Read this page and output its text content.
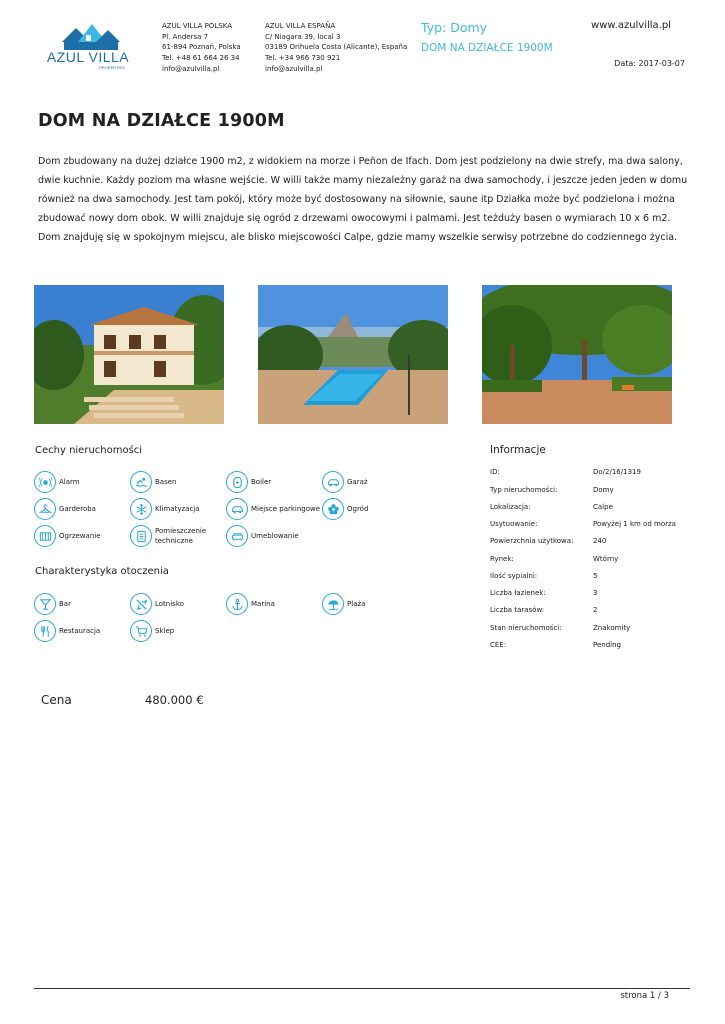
AZUL VILLA
PROPERTIES
AZUL VILLA POLSKA
Pl. Andersa 7
61-894 Poznań, Polska
Tel. +48 61 664 26 34
info@azulvilla.pl
AZUL VILLA ESPAÑA
C/ Niagara 39, local 3
03189 Orihuela Costa (Alicante), España
Tel. +34 966 730 921
info@azulvilla.pl
Typ: Domy
DOM NA DZIAŁCE 1900M
www.azulvilla.pl
Data: 2017-03-07
DOM NA DZIAŁCE 1900M

Dom zbudowany na dużej działce 1900 m2, z widokiem na morze i Peñon de Ifach. Dom jest podzielony na dwie strefy, ma dwa salony, dwie kuchnie. Każdy poziom ma własne wejście. W willi także mamy niezależny garaż na dwa samochody, i jeszcze jeden jeden w domu również na dwa samochody. Jest tam pokój, który może być dostosowany na siłownie, saune itp Działka może być podzielona i można zbudować nowy dom obok. W willi znajduje się ogród z drzewami owocowymi i palmami. Jest teżduży basen o wymiarach 10 x 6 m2. Dom znajduję się w spokojnym miejscu, ale blisko miejscowości Calpe, gdzie mamy wszelkie serwisy potrzebne do codziennego życia.

Cechy nieruchomości
Charakterystyka otoczenia
Informacje
Alarm	Basen	Boiler	Garaż
Garderoba	Klimatyzacja	Miejsce parkingowe	Ogród
Ogrzewanie
Pomieszczenie techniczne
Umeblowanie
Bar	Lotnisko	Marina	Plaża
Restauracja	Sklep
ID:	Do/2/16/1319
Typ nieruchomości:	Domy
Lokalizacja:	Calpe
Usytuowanie:	Powyżej 1 km od morza
Powierzchnia użytkowa:	240
Rynek:	Wtórny
Ilość sypialni:	5
Liczba łazienek:	3
Liczba tarasów:	2
Stan nieruchomości:	Znakomity
CEE:	Pending
Cena	480.000 €
strona 1 / 3
